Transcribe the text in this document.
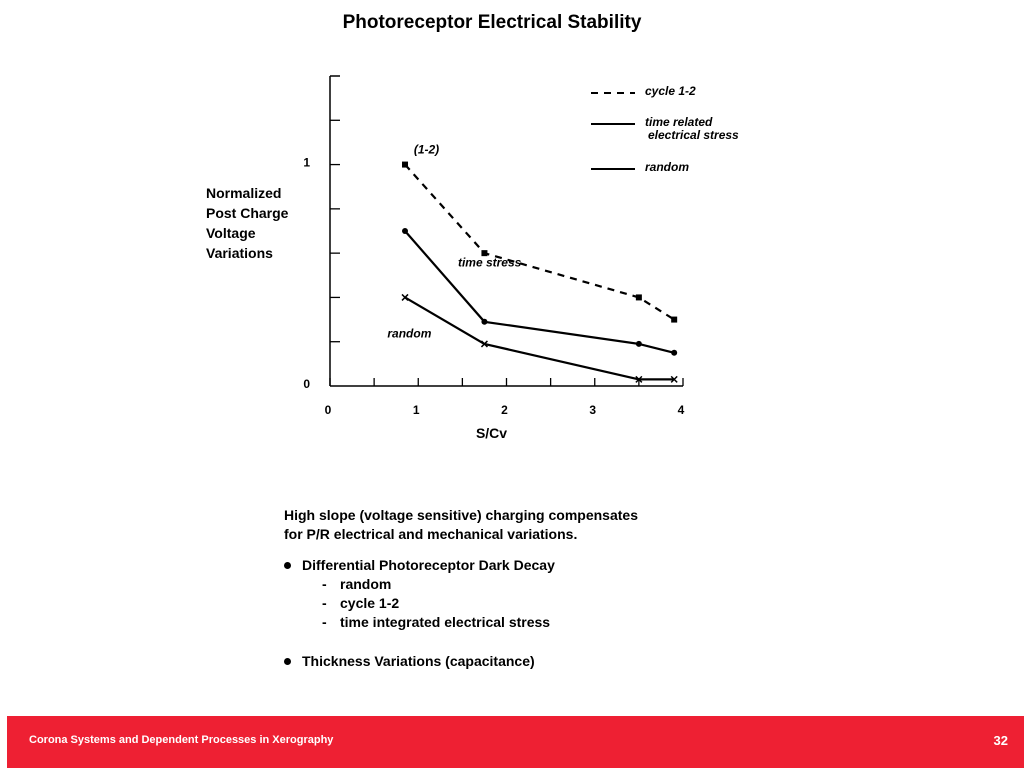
Photoreceptor Electrical Stability
0	1	2	3	4
0
1
S/Cv
Normalized
Post Charge
Voltage
Variations
(1-2)
time stress
random
cycle 1-2
time related
electrical stress
random

High slope (voltage sensitive) charging compensates

for P/R electrical and mechanical variations.

Differential Photoreceptor Dark Decay
- random
- cycle 1-2
- time integrated electrical stress
Thickness Variations (capacitance)
Corona Systems and Dependent Processes in Xerography	32
